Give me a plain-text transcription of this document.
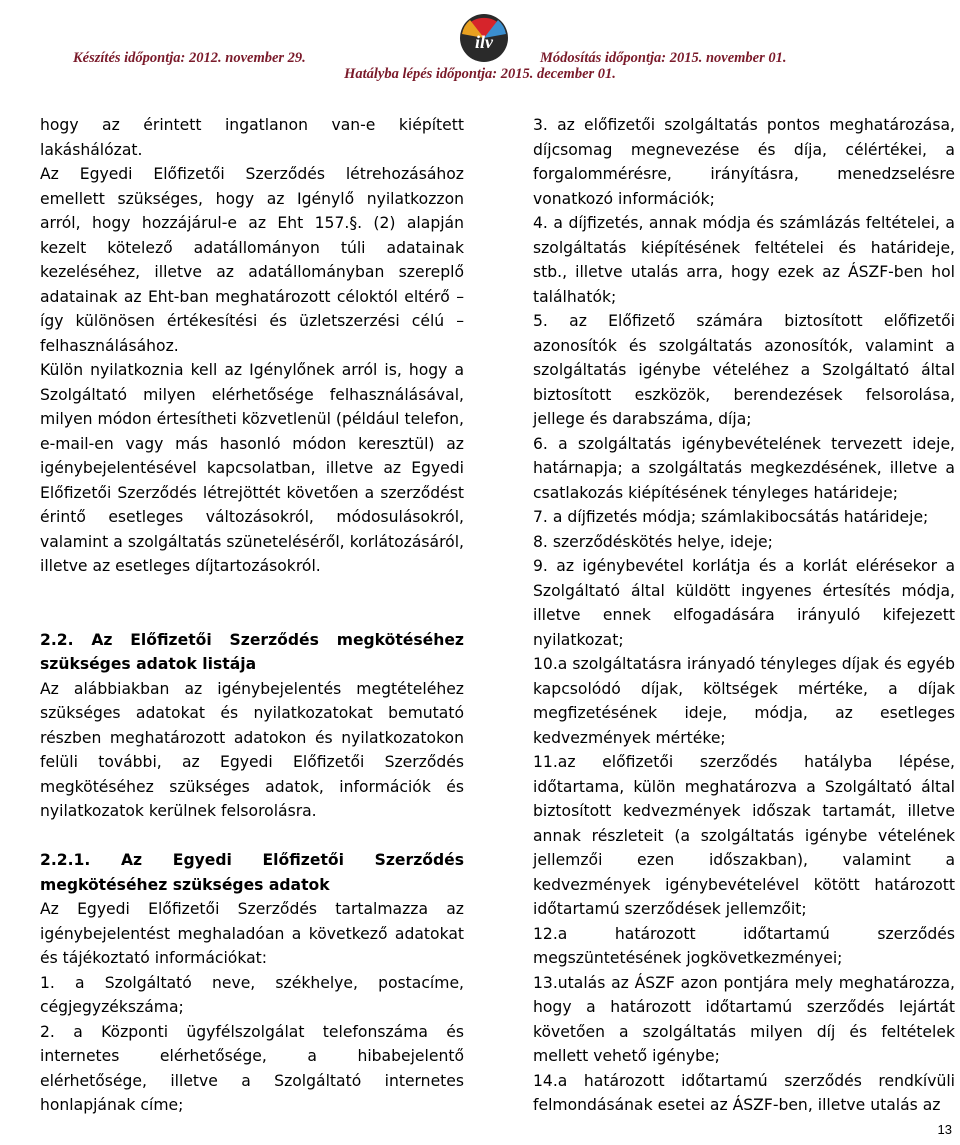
Készítés időpontja: 2012. november 29.
ilv
Módosítás időpontja: 2015. november 01.
Hatályba lépés időpontja: 2015. december 01.

hogy az érintett ingatlanon van-e kiépített lakáshálózat.

Az Egyedi Előfizetői Szerződés létrehozásához emellett szükséges, hogy az Igénylő nyilatkozzon arról, hogy hozzájárul-e az Eht 157.§. (2) alapján kezelt kötelező adatállományon túli adatainak kezeléséhez, illetve az adatállományban szereplő adatainak az Eht-ban meghatározott céloktól eltérő – így különösen értékesítési és üzletszerzési célú – felhasználásához.

Külön nyilatkoznia kell az Igénylőnek arról is, hogy a Szolgáltató milyen elérhetősége felhasználásával, milyen módon értesítheti közvetlenül (például telefon, e-mail-en vagy más hasonló módon keresztül) az igénybejelentésével kapcsolatban, illetve az Egyedi Előfizetői Szerződés létrejöttét követően a szerződést érintő esetleges változásokról, módosulásokról, valamint a szolgáltatás szüneteléséről, korlátozásáról, illetve az esetleges díjtartozásokról.

2.2. Az Előfizetői Szerződés megkötéséhez szükséges adatok listája

Az alábbiakban az igénybejelentés megtételéhez szükséges adatokat és nyilatkozatokat bemutató részben meghatározott adatokon és nyilatkozatokon felüli további, az Egyedi Előfizetői Szerződés megkötéséhez szükséges adatok, információk és nyilatkozatok kerülnek felsorolásra.

2.2.1. Az Egyedi Előfizetői Szerződés megkötéséhez szükséges adatok

Az Egyedi Előfizetői Szerződés tartalmazza az igénybejelentést meghaladóan a következő adatokat és tájékoztató információkat:

1. a Szolgáltató neve, székhelye, postacíme, cégjegyzékszáma;

2. a Központi ügyfélszolgálat telefonszáma és internetes elérhetősége, a hibabejelentő elérhetősége, illetve a Szolgáltató internetes honlapjának címe;

3. az előfizetői szolgáltatás pontos meghatározása, díjcsomag megnevezése és díja, célértékei, a forgalommérésre, irányításra, menedzselésre vonatkozó információk;

4. a díjfizetés, annak módja és számlázás feltételei, a szolgáltatás kiépítésének feltételei és határideje, stb., illetve utalás arra, hogy ezek az ÁSZF-ben hol találhatók;

5. az Előfizető számára biztosított előfizetői azonosítók és szolgáltatás azonosítók, valamint a szolgáltatás igénybe vételéhez a Szolgáltató által biztosított eszközök, berendezések felsorolása, jellege és darabszáma, díja;

6. a szolgáltatás igénybevételének tervezett ideje, határnapja; a szolgáltatás megkezdésének, illetve a csatlakozás kiépítésének tényleges határideje;

7. a díjfizetés módja; számlakibocsátás határideje;

8. szerződéskötés helye, ideje;

9. az igénybevétel korlátja és a korlát elérésekor a Szolgáltató által küldött ingyenes értesítés módja, illetve ennek elfogadására irányuló kifejezett nyilatkozat;

10.a szolgáltatásra irányadó tényleges díjak és egyéb kapcsolódó díjak, költségek mértéke, a díjak megfizetésének ideje, módja, az esetleges kedvezmények mértéke;

11.az előfizetői szerződés hatályba lépése, időtartama, külön meghatározva a Szolgáltató által biztosított kedvezmények időszak tartamát, illetve annak részleteit (a szolgáltatás igénybe vételének jellemzői ezen időszakban), valamint a kedvezmények igénybevételével kötött határozott időtartamú szerződések jellemzőit;

12.a határozott időtartamú szerződés megszüntetésének jogkövetkezményei;

13.utalás az ÁSZF azon pontjára mely meghatározza, hogy a határozott időtartamú szerződés lejártát követően a szolgáltatás milyen díj és feltételek mellett vehető igénybe;

14.a határozott időtartamú szerződés rendkívüli felmondásának esetei az ÁSZF-ben, illetve utalás az

13
